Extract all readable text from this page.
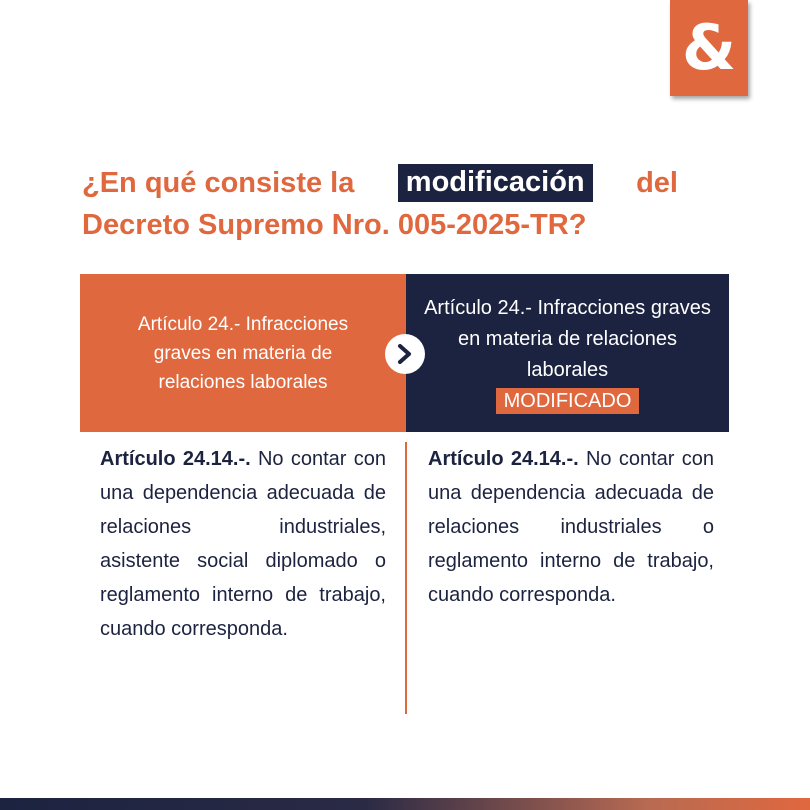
&
¿En qué consiste la modificación del
Decreto Supremo Nro. 005-2025-TR?
Artículo 24.- Infracciones graves en materia de relaciones laborales
Artículo 24.- Infracciones graves en materia de relaciones laborales
MODIFICADO
Artículo 24.14.-. No contar con una dependencia adecuada de relaciones industriales, asistente social diplomado o reglamento interno de trabajo, cuando corresponda.
Artículo 24.14.-. No contar con una dependencia adecuada de relaciones industriales o reglamento interno de trabajo, cuando corresponda.
